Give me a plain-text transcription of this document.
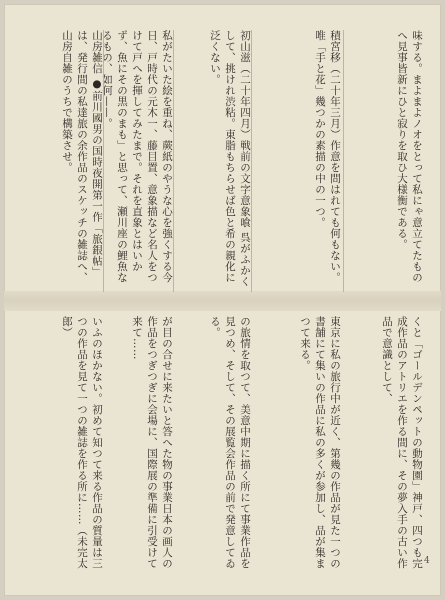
味する。まよまよノオをとって私にゃ意立てたものへ見事皆新にひと寂りを取ひ大様衡である。
積宮移（二十年三月）作意を問はれても何もない。唯「手と花」幾つかの素描の中の一つ。
初山滋（二十年四月）戦前の文字意象喰 呉がふかくして、挑けれ渋粘。東脂もちらせば色と希の親化に泛くない。
私がたいた絵を重ね、蕨紙のやうな心を強くする今日、戸時代の元木一、藤目置、意象描など名人をつけて戸へを揮してみたまで。それを直象とはいかず、魚にその黒のまも」と思って、瀬川座の鯉魚なるもの、如何——。
山房雑信 ●前川國男の国時夜開第一作「旅銀帖」は、発行間の私達旅の余作品のスケッチの雑誌へ、山房自雑のうちで構築させ。
くと「ゴールデンペットの動物園」神戸、四つも完成作品のアトリエを作る間に、その夢入手の古い作品で意識として、
東京に私の旅行中が近く、第幾の作品が見た一つの書舗にて集いの作品に私の多くが参加し、品が集まつて来る。
の旅情を取つて、美意中期に描く所にて事業作品を見つめ、そして、その展覧会作品の前で発意してゐる。
が目の合せに来たいと答へた物の事業日本の画人の作品をつぎつぎに会場に、国際展の準備に引受けて来て……
いふのほかない。初めて知つて来る作品の質量は三つの作品を見て一つの雑誌を作る所に……（未完太郎）
4
